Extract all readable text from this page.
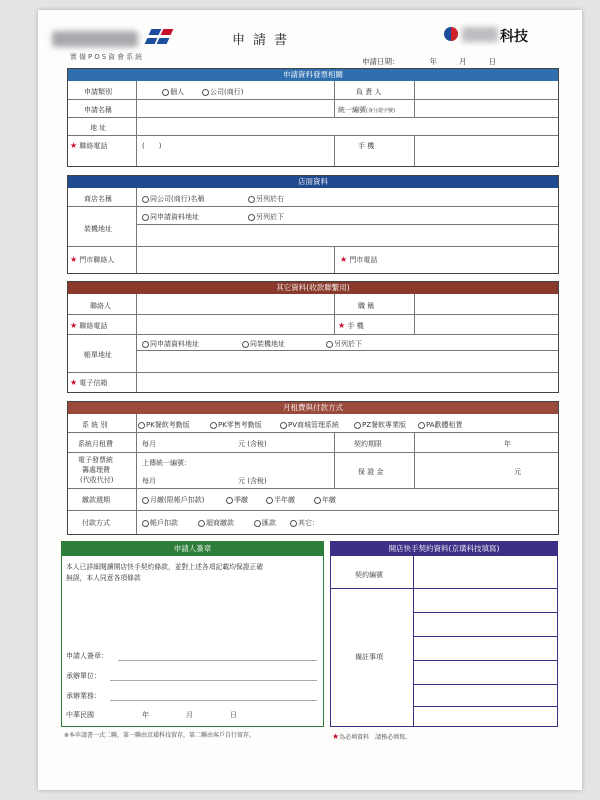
實備POS資會系統
申請書	科技
申請日期：	年	月	日
申請資料發票相關
申請類別	個人	公司(商行)	負 責 人
申請名稱	統一編號(身分證字號)
地 址
★ 聯絡電話	(　　)	手 機
店面資料
商店名稱	同公司(商行)名稱	另列於右
裝機地址
同申請資料地址	另列於下
★ 門市聯絡人	★ 門市電話
其它資料(收款聯繫用)
聯絡人	職 稱
★ 聯絡電話	★ 手 機
帳單地址
同申請資料地址	同裝機地址	另列於下
★ 電子信箱
月租費與付款方式
系 統 別	PK餐飲考勤版	PK零售考勤版	PV商城管理系統	PZ餐飲專業版	PA歡體租賃
系統月租費	每月	元 (含稅)	契約期限	年
電子發票統
籌處理費
(代收代付)
上傳統一編號：
每月	元 (含稅)
保 證 金	元
繳款週期	月繳(限帳戶扣款)	季繳	半年繳	年繳
付款方式	帳戶扣款	超商繳款	匯款	其它：
申請人簽章
本人已詳細閱讀開店快手契約條款，並對上述各項記載均保證正確
無誤，本人同意各項條款
申請人簽章：
承辦單位：
承辦業務：
中華民國	年	月	日
開店快手契約資料(京璜科技填寫)
契約編號
備註事項
※本申請書一式二聯，第一聯由京璜科技留存，第二聯由客戶自行留存。	★為必填資料　請務必填寫。
